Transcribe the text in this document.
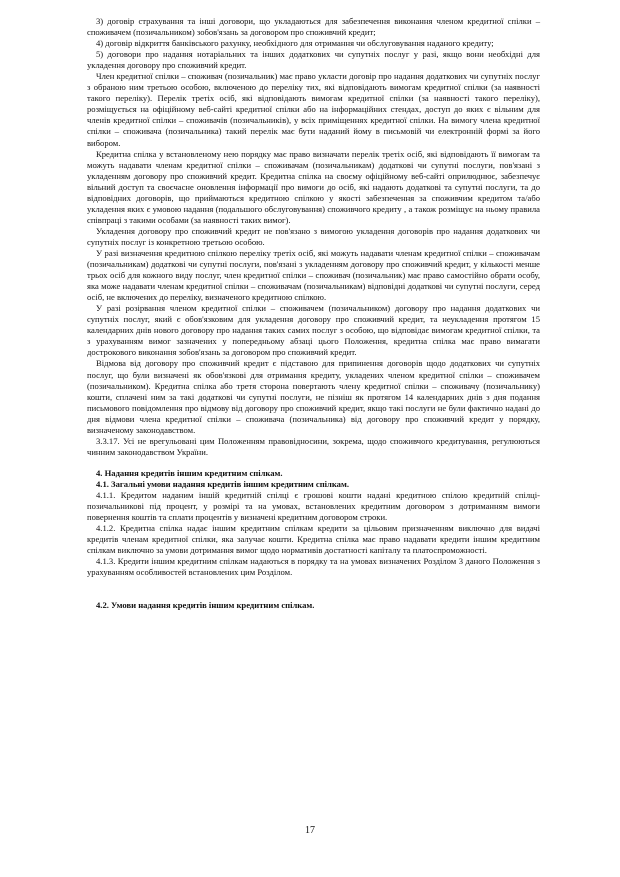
3) договір страхування та інші договори, що укладаються для забезпечення виконання членом кредитної спілки – споживачем (позичальником) зобов'язань за договором про споживчий кредит;

4) договір відкриття банківського рахунку, необхідного для отримання чи обслуговування наданого кредиту;

5) договори про надання нотаріальних та інших додаткових чи супутніх послуг у разі, якщо вони необхідні для укладення договору про споживчий кредит.

Член кредитної спілки – споживач (позичальник) має право укласти договір про надання додаткових чи супутніх послуг з обраною ним третьою особою, включеною до переліку тих, які відповідають вимогам кредитної спілки (за наявності такого переліку). Перелік третіх осіб, які відповідають вимогам кредитної спілки (за наявності такого переліку), розміщується на офіційному веб-сайті кредитної спілки або на інформаційних стендах, доступ до яких є вільним для членів кредитної спілки – споживачів (позичальників), у всіх приміщеннях кредитної спілки. На вимогу члена кредитної спілки – споживача (позичальника) такий перелік має бути наданий йому в письмовій чи електронній формі за його вибором.

Кредитна спілка у встановленому нею порядку має право визначати перелік третіх осіб, які відповідають її вимогам та можуть надавати членам кредитної спілки – споживачам (позичальникам) додаткові чи супутні послуги, пов'язані з укладенням договору про споживчий кредит. Кредитна спілка на своєму офіційному веб-сайті оприлюднює, забезпечує вільний доступ та своєчасне оновлення інформації про вимоги до осіб, які надають додаткові та супутні послуги, та до відповідних договорів, що приймаються кредитною спілкою у якості забезпечення за споживчим кредитом та/або укладення яких є умовою надання (подальшого обслуговування) споживчого кредиту , а також розміщує на ньому правила співпраці з такими особами (за наявності таких вимог).

Укладення договору про споживчий кредит не пов'язано з вимогою укладення договорів про надання додаткових чи супутніх послуг із конкретною третьою особою.

У разі визначення кредитною спілкою переліку третіх осіб, які можуть надавати членам кредитної спілки – споживачам (позичальникам) додаткові чи супутні послуги, пов'язані з укладенням договору про споживчий кредит, у кількості менше трьох осіб для кожного виду послуг, член кредитної спілки – споживач (позичальник) має право самостійно обрати особу, яка може надавати членам кредитної спілки – споживачам (позичальникам) відповідні додаткові чи супутні послуги, серед осіб, не включених до переліку, визначеного кредитною спілкою.

У разі розірвання членом кредитної спілки – споживачем (позичальником) договору про надання додаткових чи супутніх послуг, який є обов'язковим для укладення договору про споживчий кредит, та неукладення протягом 15 календарних днів нового договору про надання таких самих послуг з особою, що відповідає вимогам кредитної спілки, та з урахуванням вимог зазначених у попередньому абзаці цього Положення, кредитна спілка має право вимагати дострокового виконання зобов'язань за договором про споживчий кредит.

Відмова від договору про споживчий кредит є підставою для припинення договорів щодо додаткових чи супутніх послуг, що були визначені як обов'язкові для отримання кредиту, укладених членом кредитної спілки – споживачем (позичальником). Кредитна спілка або третя сторона повертають члену кредитної спілки – споживачу (позичальнику) кошти, сплачені ним за такі додаткові чи супутні послуги, не пізніш як протягом 14 календарних днів з дня подання письмового повідомлення про відмову від договору про споживчий кредит, якщо такі послуги не були фактично надані до дня відмови члена кредитної спілки – споживача (позичальника) від договору про споживчий кредит у порядку, визначеному законодавством.

3.3.17. Усі не врегульовані цим Положенням правовідносини, зокрема, щодо споживчого кредитування, регулюються чинним законодавством України.

4. Надання кредитів іншим кредитним спілкам.
4.1. Загальні умови надання кредитів іншим кредитним спілкам.

4.1.1. Кредитом наданим іншій кредитній спілці є грошові кошти надані кредитною спілою кредитній спілці-позичальникові під процент, у розмірі та на умовах, встановлених кредитним договором з дотриманням вимоги повернення коштів та сплати процентів у визначені кредитним договором строки.

4.1.2. Кредитна спілка надає іншим кредитним спілкам кредити за цільовим призначенням виключно для видачі кредитів членам кредитної спілки, яка залучає кошти. Кредитна спілка має право надавати кредити іншим кредитним спілкам виключно за умови дотримання вимог щодо нормативів достатності капіталу та платоспроможності.

4.1.3. Кредити іншим кредитним спілкам надаються в порядку та на умовах визначених Розділом 3 даного Положення з урахуванням особливостей встановлених цим Розділом.

4.2. Умови надання кредитів іншим кредитним спілкам.
17
